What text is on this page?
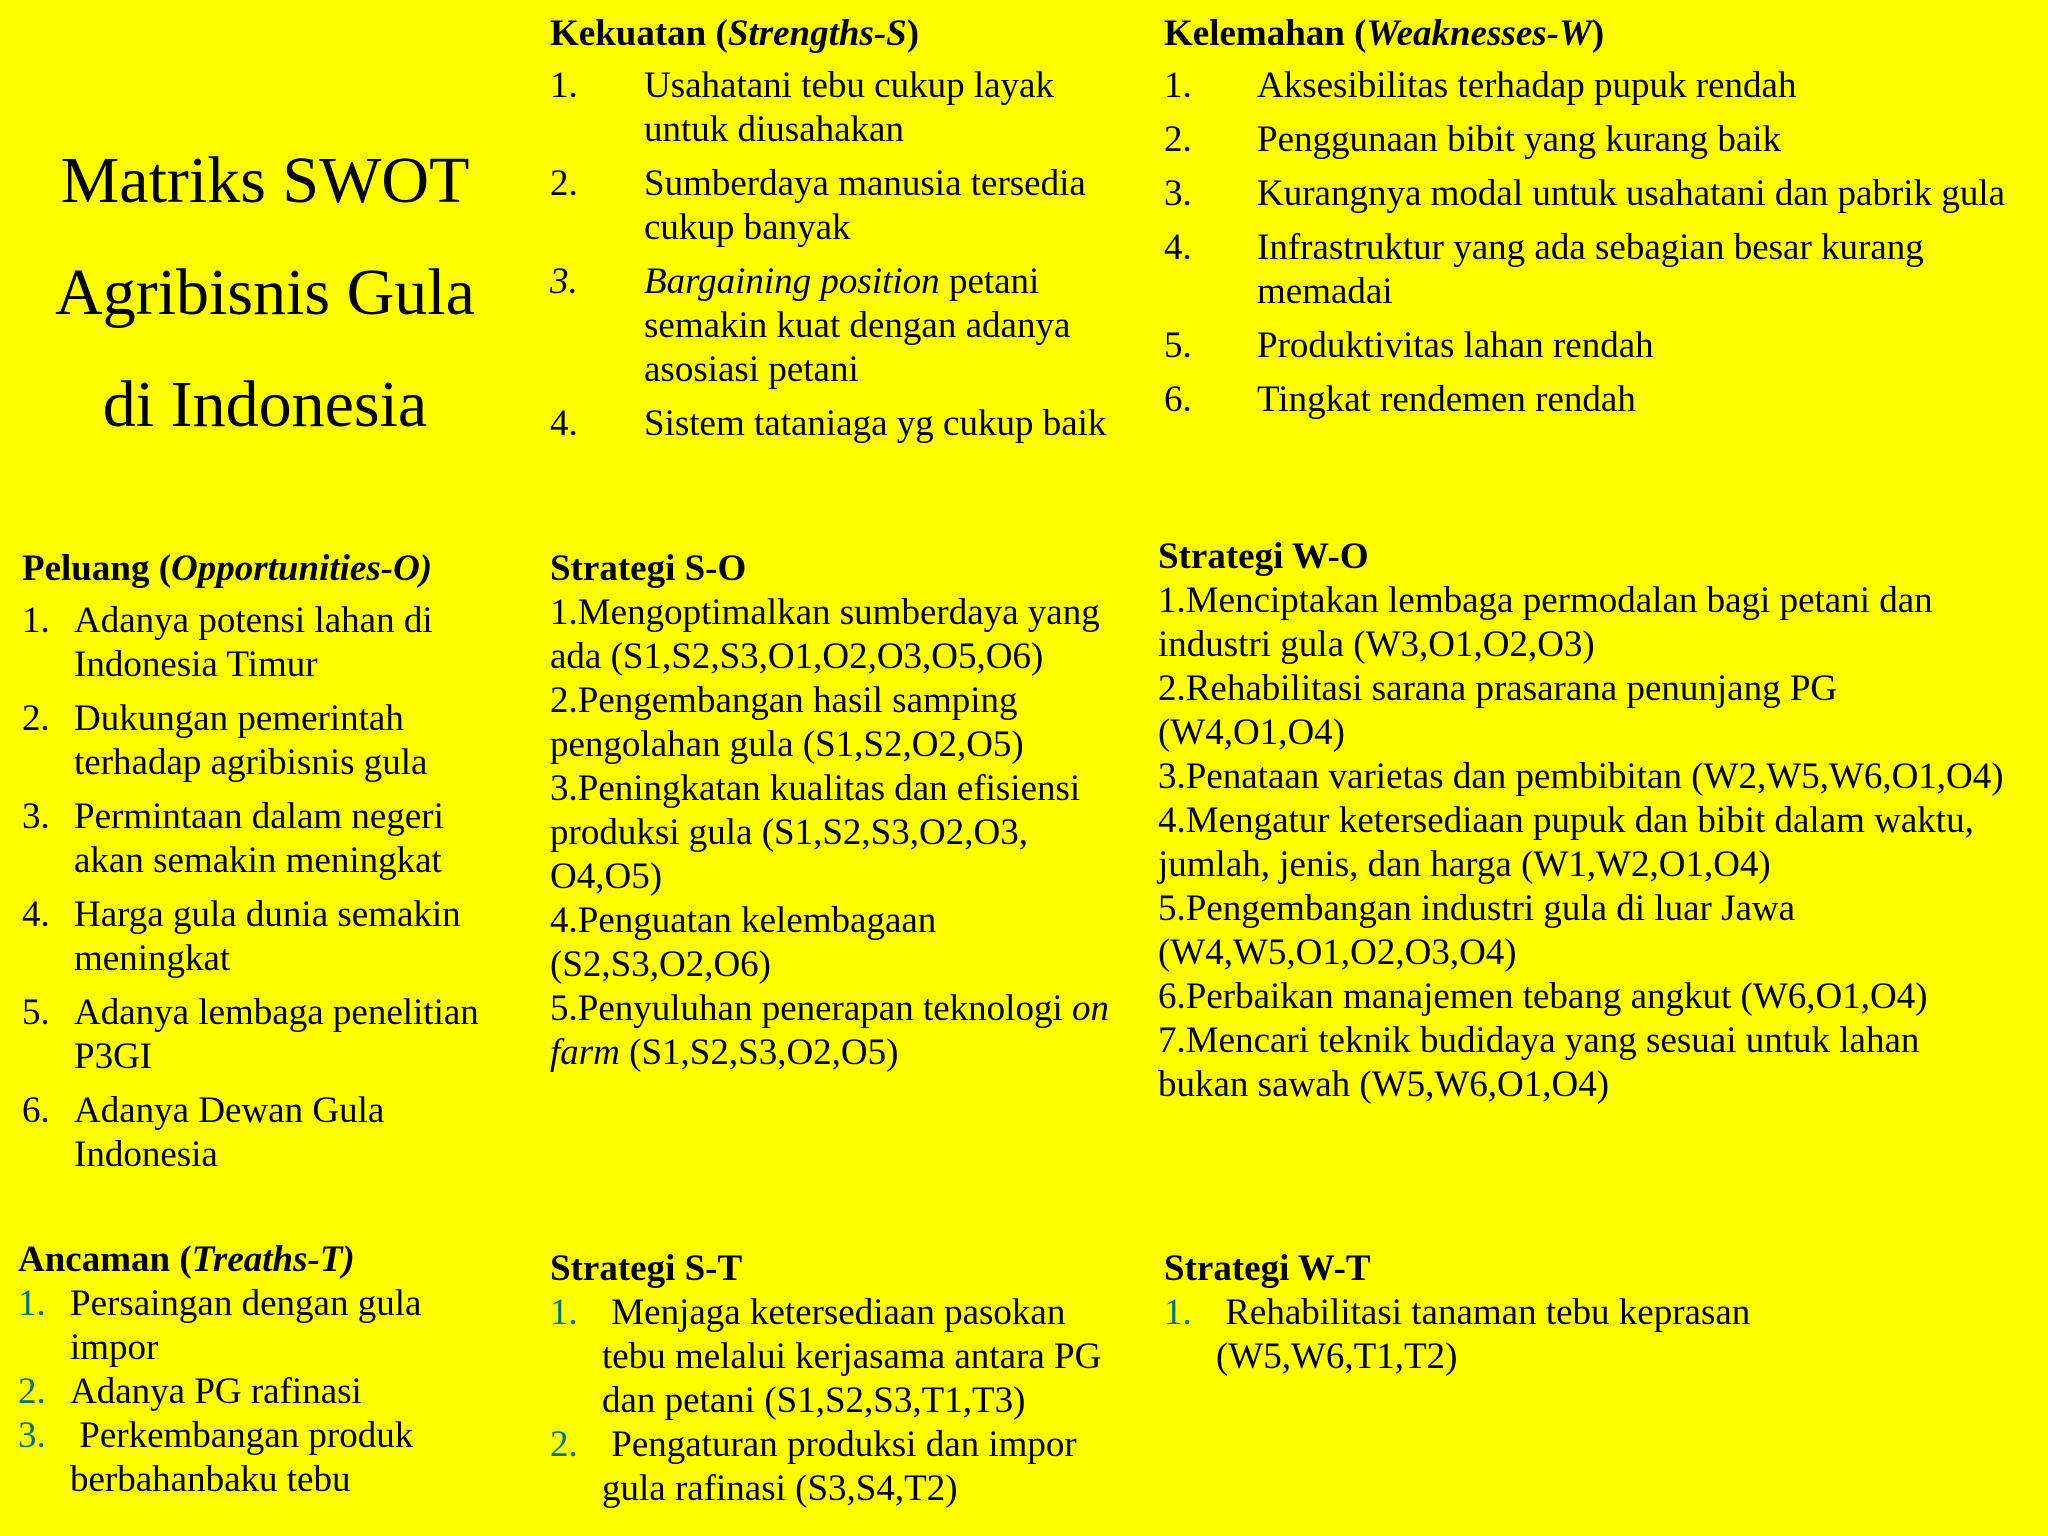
Matriks SWOT
Agribisnis Gula
di Indonesia
Kekuatan (Strengths-S)
1. Usahatani tebu cukup layak untuk diusahakan
2. Sumberdaya manusia tersedia cukup banyak
3. Bargaining position petani semakin kuat dengan adanya asosiasi petani
4. Sistem tataniaga yg cukup baik
Kelemahan (Weaknesses-W)
1. Aksesibilitas terhadap pupuk rendah
2. Penggunaan bibit yang kurang baik
3. Kurangnya modal untuk usahatani dan pabrik gula
4. Infrastruktur yang ada sebagian besar kurang memadai
5. Produktivitas lahan rendah
6. Tingkat rendemen rendah
Peluang (Opportunities-O)
1. Adanya potensi lahan di Indonesia Timur
2. Dukungan pemerintah terhadap agribisnis gula
3. Permintaan dalam negeri akan semakin meningkat
4. Harga gula dunia semakin meningkat
5. Adanya lembaga penelitian P3GI
6. Adanya Dewan Gula Indonesia
Strategi S-O
1.Mengoptimalkan sumberdaya yang ada (S1,S2,S3,O1,O2,O3,O5,O6)
2.Pengembangan hasil samping pengolahan gula (S1,S2,O2,O5)
3.Peningkatan kualitas dan efisiensi produksi gula (S1,S2,S3,O2,O3, O4,O5)
4.Penguatan kelembagaan (S2,S3,O2,O6)
5.Penyuluhan penerapan teknologi on farm (S1,S2,S3,O2,O5)
Strategi W-O
1.Menciptakan lembaga permodalan bagi petani dan industri gula (W3,O1,O2,O3)
2.Rehabilitasi sarana prasarana penunjang PG (W4,O1,O4)
3.Penataan varietas dan pembibitan (W2,W5,W6,O1,O4)
4.Mengatur ketersediaan pupuk dan bibit dalam waktu, jumlah, jenis, dan harga (W1,W2,O1,O4)
5.Pengembangan industri gula di luar Jawa (W4,W5,O1,O2,O3,O4)
6.Perbaikan manajemen tebang angkut (W6,O1,O4)
7.Mencari teknik budidaya yang sesuai untuk lahan bukan sawah (W5,W6,O1,O4)
Ancaman (Treaths-T)
1. Persaingan dengan gula impor
2. Adanya PG rafinasi
3. Perkembangan produk berbahanbaku tebu
Strategi S-T
1. Menjaga ketersediaan pasokan tebu melalui kerjasama antara PG dan petani (S1,S2,S3,T1,T3)
2. Pengaturan produksi dan impor gula rafinasi (S3,S4,T2)
Strategi W-T
1. Rehabilitasi tanaman tebu keprasan (W5,W6,T1,T2)
